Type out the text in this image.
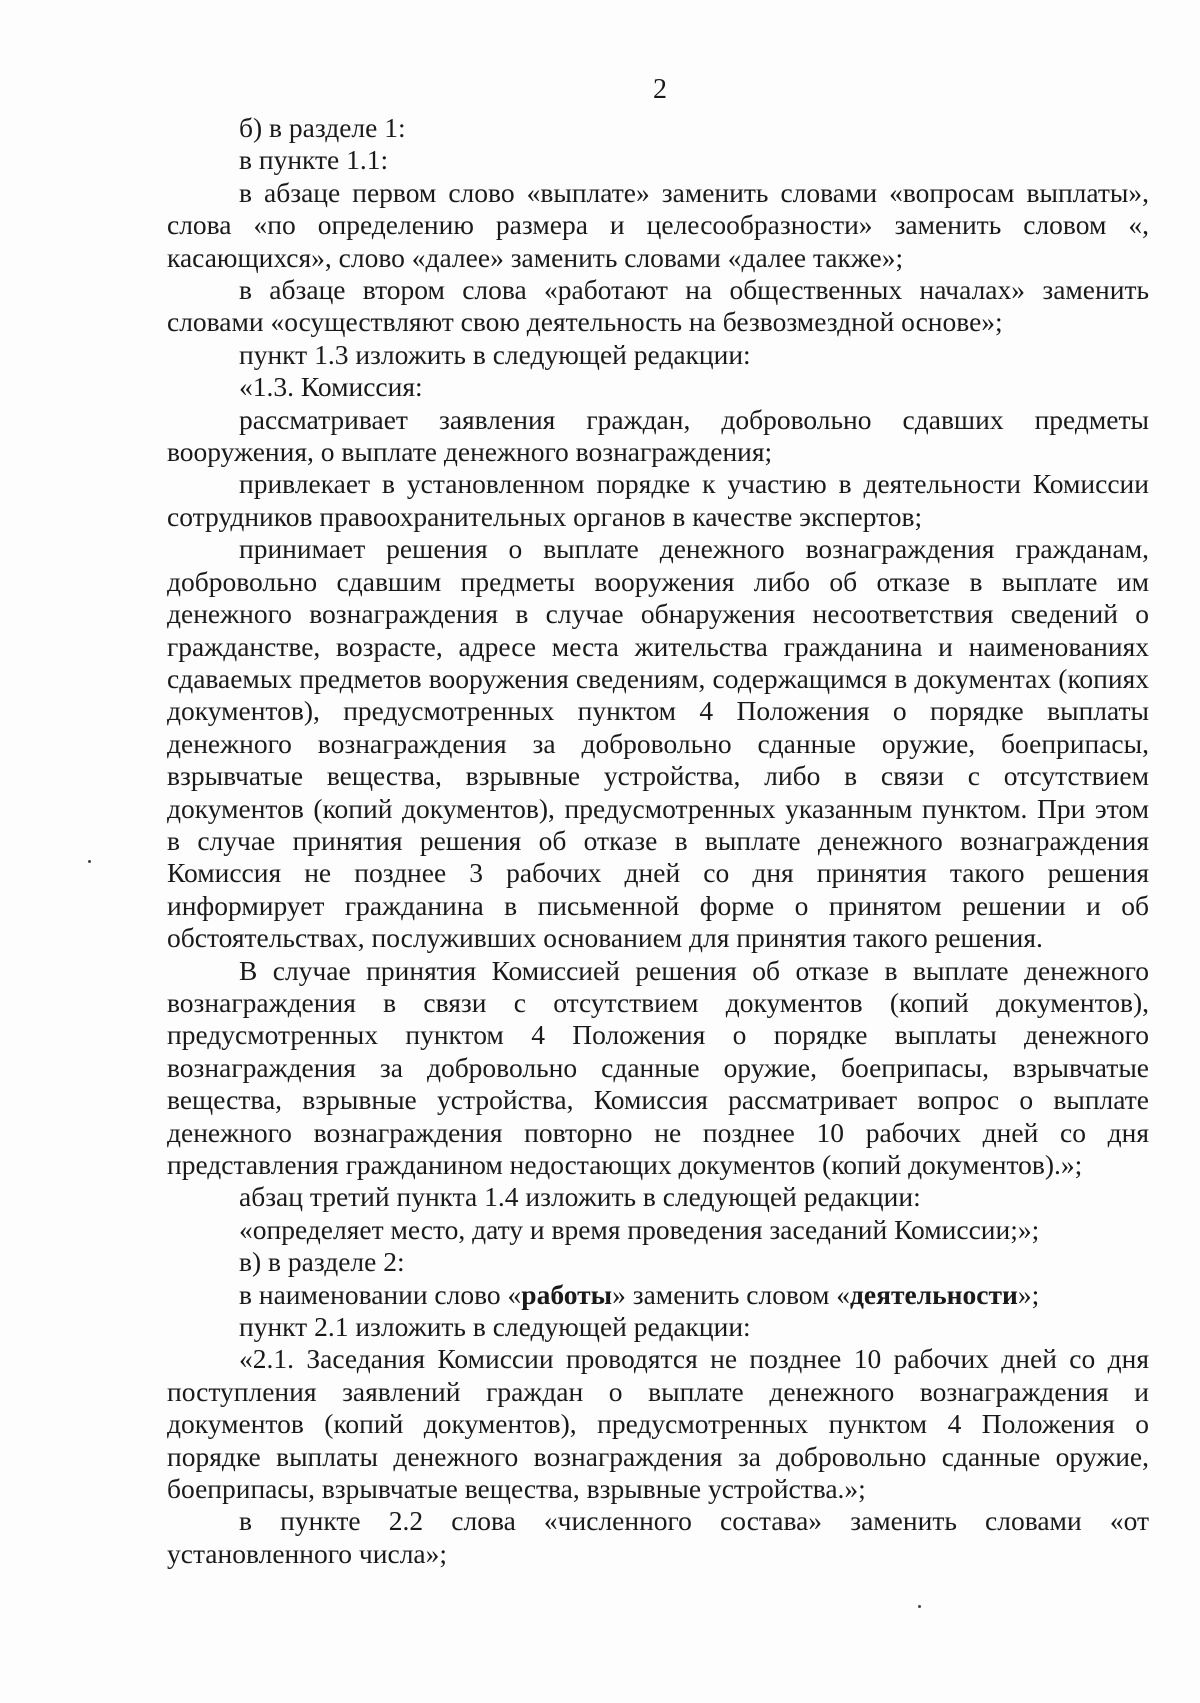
2

б) в разделе 1:

в пункте 1.1:

в абзаце первом слово «выплате» заменить словами «вопросам выплаты», слова «по определению размера и целесообразности» заменить словом «, касающихся», слово «далее» заменить словами «далее также»;

в абзаце втором слова «работают на общественных началах» заменить словами «осуществляют свою деятельность на безвозмездной основе»;

пункт 1.3 изложить в следующей редакции:

«1.3. Комиссия:

рассматривает заявления граждан, добровольно сдавших предметы вооружения, о выплате денежного вознаграждения;

привлекает в установленном порядке к участию в деятельности Комиссии сотрудников правоохранительных органов в качестве экспертов;

принимает решения о выплате денежного вознаграждения гражданам, добровольно сдавшим предметы вооружения либо об отказе в выплате им денежного вознаграждения в случае обнаружения несоответствия сведений о гражданстве, возрасте, адресе места жительства гражданина и наименованиях сдаваемых предметов вооружения сведениям, содержащимся в документах (копиях документов), предусмотренных пунктом 4 Положения о порядке выплаты денежного вознаграждения за добровольно сданные оружие, боеприпасы, взрывчатые вещества, взрывные устройства, либо в связи с отсутствием документов (копий документов), предусмотренных указанным пунктом. При этом в случае принятия решения об отказе в выплате денежного вознаграждения Комиссия не позднее 3 рабочих дней со дня принятия такого решения информирует гражданина в письменной форме о принятом решении и об обстоятельствах, послуживших основанием для принятия такого решения.

В случае принятия Комиссией решения об отказе в выплате денежного вознаграждения в связи с отсутствием документов (копий документов), предусмотренных пунктом 4 Положения о порядке выплаты денежного вознаграждения за добровольно сданные оружие, боеприпасы, взрывчатые вещества, взрывные устройства, Комиссия рассматривает вопрос о выплате денежного вознаграждения повторно не позднее 10 рабочих дней со дня представления гражданином недостающих документов (копий документов).»;

абзац третий пункта 1.4 изложить в следующей редакции:

«определяет место, дату и время проведения заседаний Комиссии;»;

в) в разделе 2:

в наименовании слово «работы» заменить словом «деятельности»;

пункт 2.1 изложить в следующей редакции:

«2.1. Заседания Комиссии проводятся не позднее 10 рабочих дней со дня поступления заявлений граждан о выплате денежного вознаграждения и документов (копий документов), предусмотренных пунктом 4 Положения о порядке выплаты денежного вознаграждения за добровольно сданные оружие, боеприпасы, взрывчатые вещества, взрывные устройства.»;

в пункте 2.2 слова «численного состава» заменить словами «от установленного числа»;
